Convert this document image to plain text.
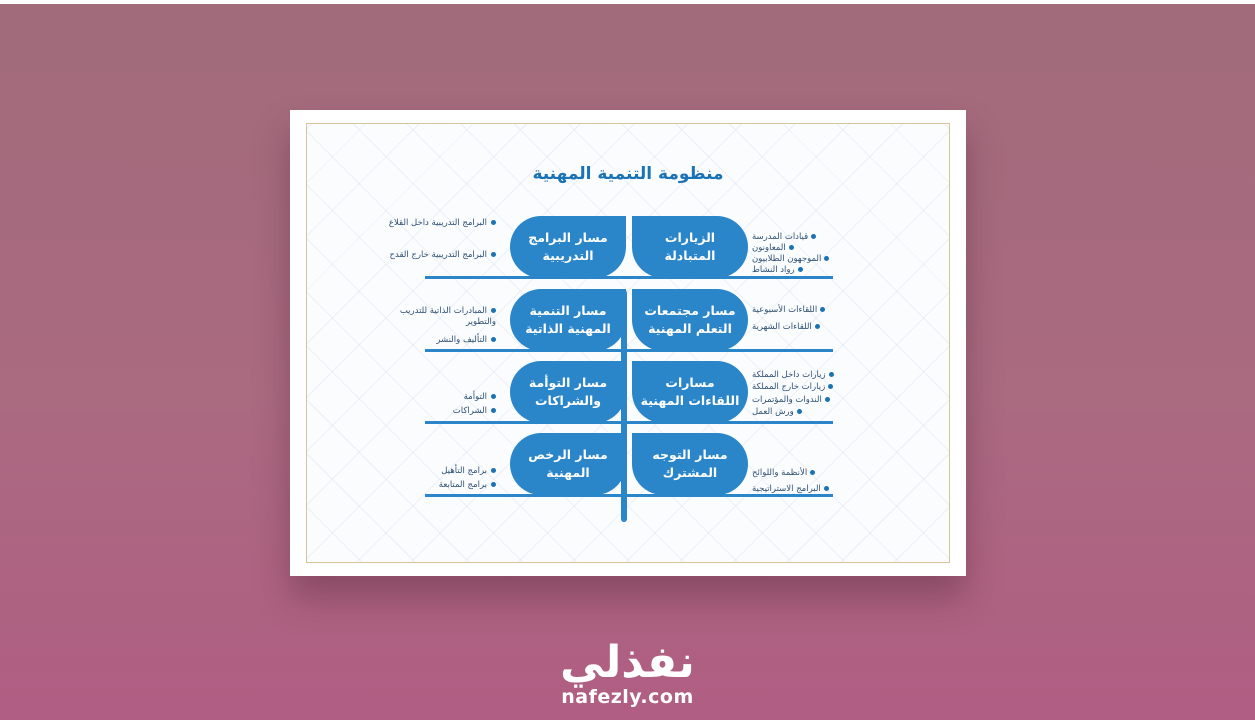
منظومة التنمية المهنية
مسار البرامج التدريبية
مسار التنمية المهنية الذاتية
مسار التوأمة والشراكات
مسار الرخص المهنية
الزيارات المتبادلة
مسار مجتمعات التعلم المهنية
مسارات اللقاءات المهنية
مسار التوجه المشترك
البرامج التدريبية داخل القلاع
البرامج التدريبية خارج القدح
المبادرات الذاتية للتدريب والتطوير
التأليف والنشر
التوأمة
الشراكات
برامج التأهيل
برامج المتابعة
قيادات المدرسة
المعاونون
الموجهون الطلابيون
رواد النشاط
اللقاءات الأسبوعية
اللقاءات الشهرية
زيارات داخل المملكة
زيارات خارج المملكة
الندوات والمؤتمرات
ورش العمل
الأنظمة واللوائح
البرامج الاستراتيجية
نفذلي
nafezly.com
